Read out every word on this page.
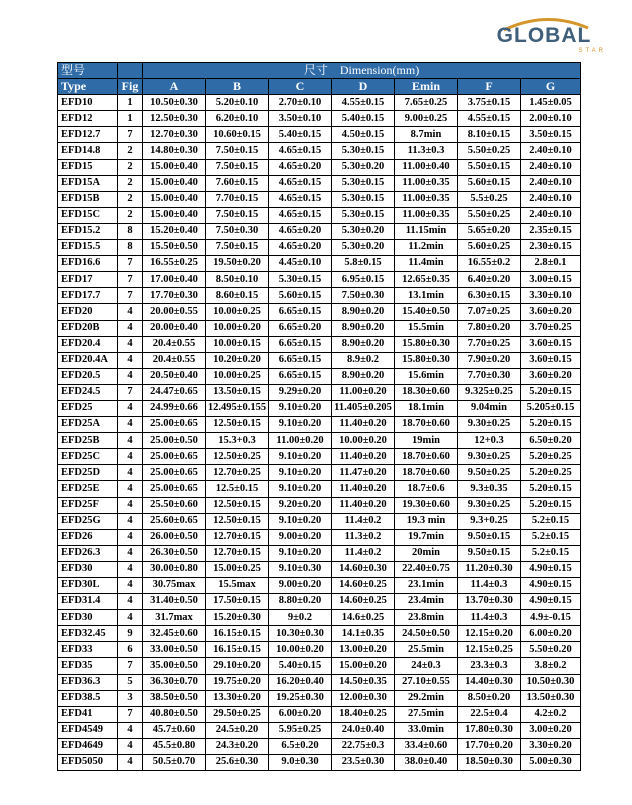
GLOBAL
STAR
型号		尺寸    Dimension(mm)						
Type	Fig	A	B	C	D	Emin	F	G
EFD10	1	10.50±0.30	5.20±0.10	2.70±0.10	4.55±0.15	7.65±0.25	3.75±0.15	1.45±0.05
EFD12	1	12.50±0.30	6.20±0.10	3.50±0.10	5.40±0.15	9.00±0.25	4.55±0.15	2.00±0.10
EFD12.7	7	12.70±0.30	10.60±0.15	5.40±0.15	4.50±0.15	8.7min	8.10±0.15	3.50±0.15
EFD14.8	2	14.80±0.30	7.50±0.15	4.65±0.15	5.30±0.15	11.3±0.3	5.50±0.25	2.40±0.10
EFD15	2	15.00±0.40	7.50±0.15	4.65±0.20	5.30±0.20	11.00±0.40	5.50±0.15	2.40±0.10
EFD15A	2	15.00±0.40	7.60±0.15	4.65±0.15	5.30±0.15	11.00±0.35	5.60±0.15	2.40±0.10
EFD15B	2	15.00±0.40	7.70±0.15	4.65±0.15	5.30±0.15	11.00±0.35	5.5±0.25	2.40±0.10
EFD15C	2	15.00±0.40	7.50±0.15	4.65±0.15	5.30±0.15	11.00±0.35	5.50±0.25	2.40±0.10
EFD15.2	8	15.20±0.40	7.50±0.30	4.65±0.20	5.30±0.20	11.15min	5.65±0.20	2.35±0.15
EFD15.5	8	15.50±0.50	7.50±0.15	4.65±0.20	5.30±0.20	11.2min	5.60±0.25	2.30±0.15
EFD16.6	7	16.55±0.25	19.50±0.20	4.45±0.10	5.8±0.15	11.4min	16.55±0.2	2.8±0.1
EFD17	7	17.00±0.40	8.50±0.10	5.30±0.15	6.95±0.15	12.65±0.35	6.40±0.20	3.00±0.15
EFD17.7	7	17.70±0.30	8.60±0.15	5.60±0.15	7.50±0.30	13.1min	6.30±0.15	3.30±0.10
EFD20	4	20.00±0.55	10.00±0.25	6.65±0.15	8.90±0.20	15.40±0.50	7.07±0.25	3.60±0.20
EFD20B	4	20.00±0.40	10.00±0.20	6.65±0.20	8.90±0.20	15.5min	7.80±0.20	3.70±0.25
EFD20.4	4	20.4±0.55	10.00±0.15	6.65±0.15	8.90±0.20	15.80±0.30	7.70±0.25	3.60±0.15
EFD20.4A	4	20.4±0.55	10.20±0.20	6.65±0.15	8.9±0.2	15.80±0.30	7.90±0.20	3.60±0.15
EFD20.5	4	20.50±0.40	10.00±0.25	6.65±0.15	8.90±0.20	15.6min	7.70±0.30	3.60±0.20
EFD24.5	7	24.47±0.65	13.50±0.15	9.29±0.20	11.00±0.20	18.30±0.60	9.325±0.25	5.20±0.15
EFD25	4	24.99±0.66	12.495±0.155	9.10±0.20	11.405±0.205	18.1min	9.04min	5.205±0.15
EFD25A	4	25.00±0.65	12.50±0.15	9.10±0.20	11.40±0.20	18.70±0.60	9.30±0.25	5.20±0.15
EFD25B	4	25.00±0.50	15.3+0.3	11.00±0.20	10.00±0.20	19min	12+0.3	6.50±0.20
EFD25C	4	25.00±0.65	12.50±0.25	9.10±0.20	11.40±0.20	18.70±0.60	9.30±0.25	5.20±0.25
EFD25D	4	25.00±0.65	12.70±0.25	9.10±0.20	11.47±0.20	18.70±0.60	9.50±0.25	5.20±0.25
EFD25E	4	25.00±0.65	12.5±0.15	9.10±0.20	11.40±0.20	18.7±0.6	9.3±0.35	5.20±0.15
EFD25F	4	25.50±0.60	12.50±0.15	9.20±0.20	11.40±0.20	19.30±0.60	9.30±0.25	5.20±0.15
EFD25G	4	25.60±0.65	12.50±0.15	9.10±0.20	11.4±0.2	19.3 min	9.3+0.25	5.2±0.15
EFD26	4	26.00±0.50	12.70±0.15	9.00±0.20	11.3±0.2	19.7min	9.50±0.15	5.2±0.15
EFD26.3	4	26.30±0.50	12.70±0.15	9.10±0.20	11.4±0.2	20min	9.50±0.15	5.2±0.15
EFD30	4	30.00±0.80	15.00±0.25	9.10±0.30	14.60±0.30	22.40±0.75	11.20±0.30	4.90±0.15
EFD30L	4	30.75max	15.5max	9.00±0.20	14.60±0.25	23.1min	11.4±0.3	4.90±0.15
EFD31.4	4	31.40±0.50	17.50±0.15	8.80±0.20	14.60±0.25	23.4min	13.70±0.30	4.90±0.15
EFD30	4	31.7max	15.20±0.30	9±0.2	14.6±0.25	23.8min	11.4±0.3	4.9±-0.15
EFD32.45	9	32.45±0.60	16.15±0.15	10.30±0.30	14.1±0.35	24.50±0.50	12.15±0.20	6.00±0.20
EFD33	6	33.00±0.50	16.15±0.15	10.00±0.20	13.00±0.20	25.5min	12.15±0.25	5.50±0.20
EFD35	7	35.00±0.50	29.10±0.20	5.40±0.15	15.00±0.20	24±0.3	23.3±0.3	3.8±0.2
EFD36.3	5	36.30±0.70	19.75±0.20	16.20±0.40	14.50±0.35	27.10±0.55	14.40±0.30	10.50±0.30
EFD38.5	3	38.50±0.50	13.30±0.20	19.25±0.30	12.00±0.30	29.2min	8.50±0.20	13.50±0.30
EFD41	7	40.80±0.50	29.50±0.25	6.00±0.20	18.40±0.25	27.5min	22.5±0.4	4.2±0.2
EFD4549	4	45.7±0.60	24.5±0.20	5.95±0.25	24.0±0.40	33.0min	17.80±0.30	3.00±0.20
EFD4649	4	45.5±0.80	24.3±0.20	6.5±0.20	22.75±0.3	33.4±0.60	17.70±0.20	3.30±0.20
EFD5050	4	50.5±0.70	25.6±0.30	9.0±0.30	23.5±0.30	38.0±0.40	18.50±0.30	5.00±0.30
